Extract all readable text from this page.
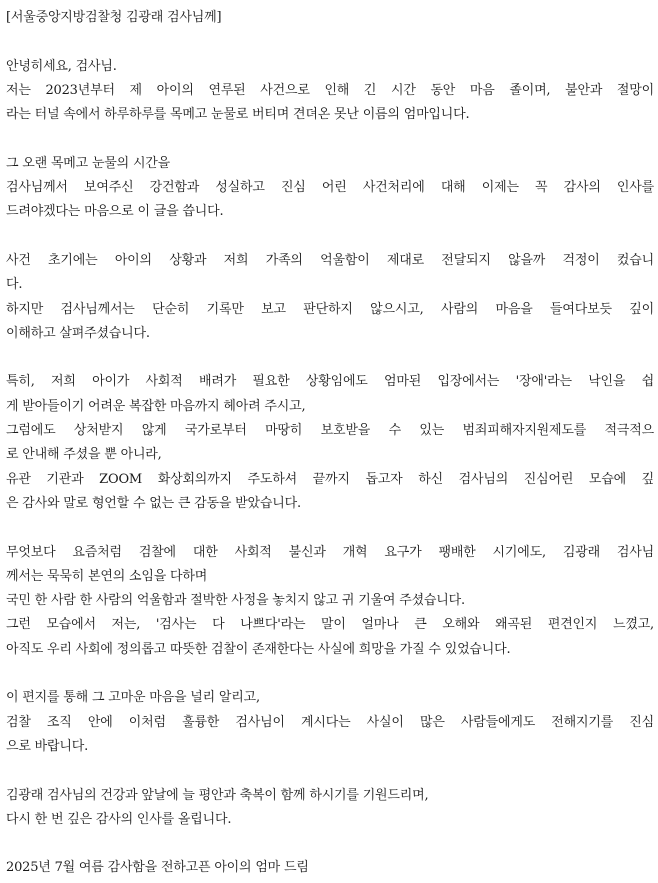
[서울중앙지방검찰청 김광래 검사님께]
안녕히세요, 검사님.
저는 2023년부터 제 아이의 연루된 사건으로 인해 긴 시간 동안 마음 졸이며, 불안과 절망이
라는 터널 속에서 하루하루를 목메고 눈물로 버티며 견뎌온 못난 이름의 엄마입니다.
그 오랜 목메고 눈물의 시간을
검사님께서 보여주신 강건함과 성실하고 진심 어린 사건처리에 대해 이제는 꼭 감사의 인사를
드려야겠다는 마음으로 이 글을 씁니다.
사건 초기에는 아이의 상황과 저희 가족의 억울함이 제대로 전달되지 않을까 걱정이 컸습니
다.
하지만 검사님께서는 단순히 기록만 보고 판단하지 않으시고, 사람의 마음을 들여다보듯 깊이
이해하고 살펴주셨습니다.
특히, 저희 아이가 사회적 배려가 필요한 상황임에도 엄마된 입장에서는 '장애'라는 낙인을 쉽
게 받아들이기 어려운 복잡한 마음까지 헤아려 주시고,
그럼에도 상처받지 않게 국가로부터 마땅히 보호받을 수 있는 범죄피해자지원제도를 적극적으
로 안내해 주셨을 뿐 아니라,
유관 기관과 ZOOM 화상회의까지 주도하셔 끝까지 돕고자 하신 검사님의 진심어린 모습에 깊
은 감사와 말로 형언할 수 없는 큰 감동을 받았습니다.
무엇보다 요즘처럼 검찰에 대한 사회적 불신과 개혁 요구가 팽배한 시기에도, 김광래 검사님
께서는 묵묵히 본연의 소임을 다하며
국민 한 사람 한 사람의 억울함과 절박한 사정을 놓치지 않고 귀 기울여 주셨습니다.
그런 모습에서 저는, '검사는 다 나쁘다'라는 말이 얼마나 큰 오해와 왜곡된 편견인지 느꼈고,
아직도 우리 사회에 정의롭고 따뜻한 검찰이 존재한다는 사실에 희망을 가질 수 있었습니다.
이 편지를 통해 그 고마운 마음을 널리 알리고,
검찰 조직 안에 이처럼 훌륭한 검사님이 계시다는 사실이 많은 사람들에게도 전해지기를 진심
으로 바랍니다.
김광래 검사님의 건강과 앞날에 늘 평안과 축복이 함께 하시기를 기원드리며,
다시 한 번 깊은 감사의 인사를 올립니다.
2025년 7월 여름 감사함을 전하고픈 아이의 엄마 드림
